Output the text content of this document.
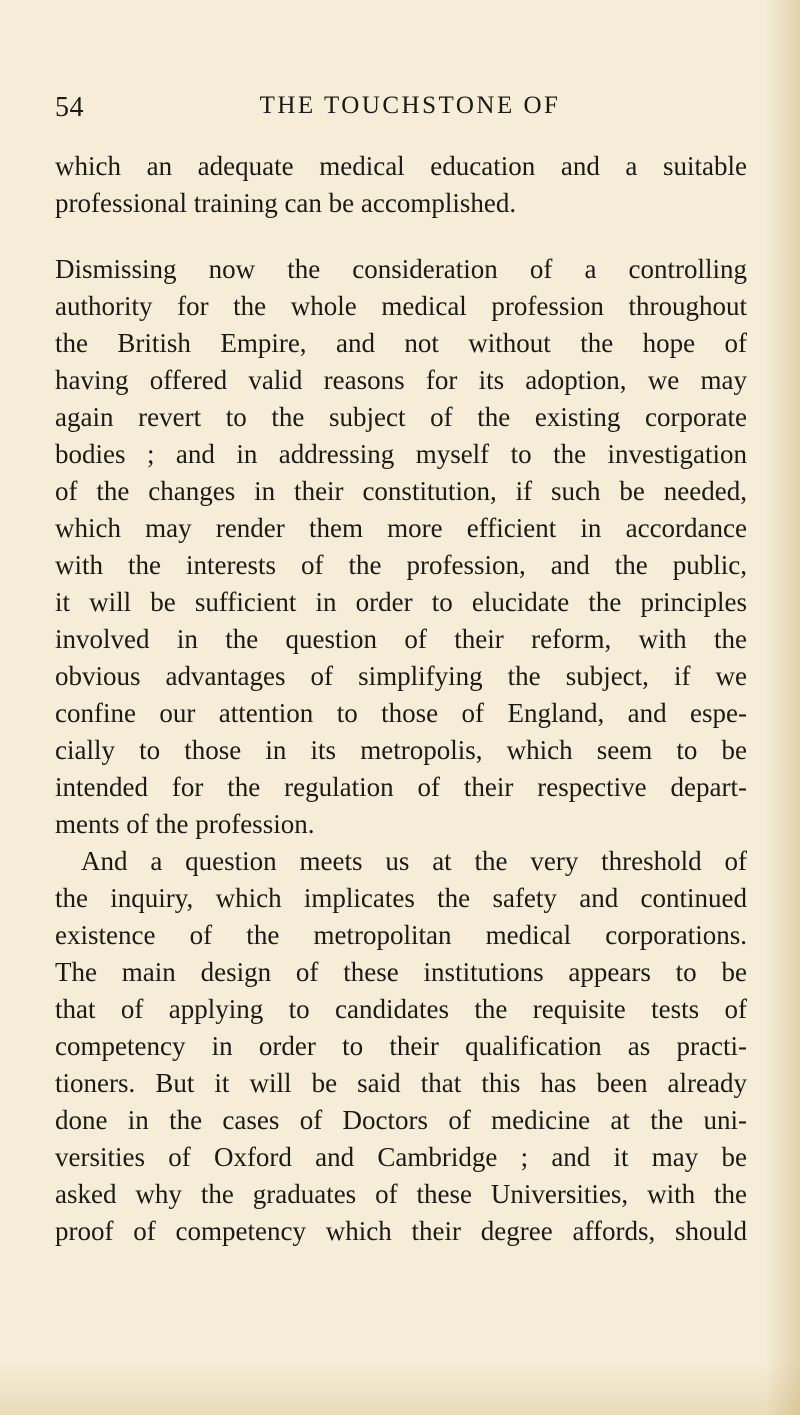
54	THE TOUCHSTONE OF
which an adequate medical education and a suitable
professional training can be accomplished.
Dismissing now the consideration of a controlling
authority for the whole medical profession throughout
the British Empire, and not without the hope of
having offered valid reasons for its adoption, we may
again revert to the subject of the existing corporate
bodies ; and in addressing myself to the investigation
of the changes in their constitution, if such be needed,
which may render them more efficient in accordance
with the interests of the profession, and the public,
it will be sufficient in order to elucidate the principles
involved in the question of their reform, with the
obvious advantages of simplifying the subject, if we
confine our attention to those of England, and espe-
cially to those in its metropolis, which seem to be
intended for the regulation of their respective depart-
ments of the profession.
And a question meets us at the very threshold of
the inquiry, which implicates the safety and continued
existence of the metropolitan medical corporations.
The main design of these institutions appears to be
that of applying to candidates the requisite tests of
competency in order to their qualification as practi-
tioners. But it will be said that this has been already
done in the cases of Doctors of medicine at the uni-
versities of Oxford and Cambridge ; and it may be
asked why the graduates of these Universities, with the
proof of competency which their degree affords, should
